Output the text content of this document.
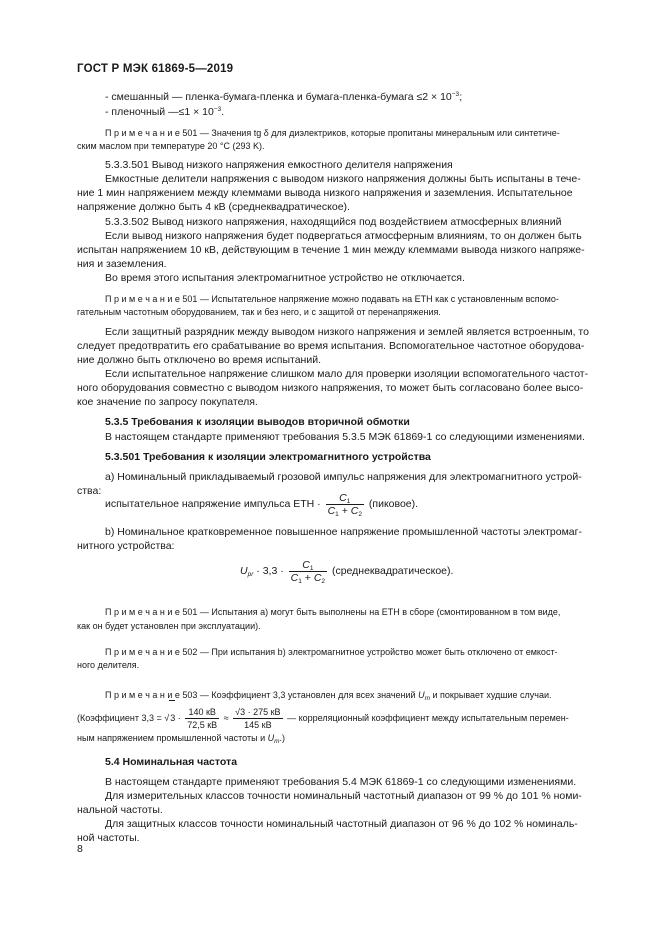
ГОСТ Р МЭК 61869-5—2019
- смешанный — пленка-бумага-пленка и бумага-пленка-бумага $\le 2 \times 10^{-3}$;
- пленочный —≤1 × $10^{-3}$.
П р и м е ч а н и е 501 — Значения tg δ для диэлектриков, которые пропитаны минеральным или синтетиче-
ским маслом при температуре 20 °С (293 K).
5.3.3.501 Вывод низкого напряжения емкостного делителя напряжения
Емкостные делители напряжения с выводом низкого напряжения должны быть испытаны в тече-
ние 1 мин напряжением между клеммами вывода низкого напряжения и заземления. Испытательное
напряжение должно быть 4 кВ (среднеквадратическое).
5.3.3.502 Вывод низкого напряжения, находящийся под воздействием атмосферных влияний
Если вывод низкого напряжения будет подвергаться атмосферным влияниям, то он должен быть
испытан напряжением 10 кВ, действующим в течение 1 мин между клеммами вывода низкого напряже-
ния и заземления.
Во время этого испытания электромагнитное устройство не отключается.
П р и м е ч а н и е 501 — Испытательное напряжение можно подавать на ЕТН как с установленным вспомо-
гательным частотным оборудованием, так и без него, и с защитой от перенапряжения.
Если защитный разрядник между выводом низкого напряжения и землей является встроенным, то
следует предотвратить его срабатывание во время испытания. Вспомогательное частотное оборудова-
ние должно быть отключено во время испытаний.
Если испытательное напряжение слишком мало для проверки изоляции вспомогательного частот-
ного оборудования совместно с выводом низкого напряжения, то может быть согласовано более высо-
кое значение по запросу покупателя.
5.3.5 Требования к изоляции выводов вторичной обмотки
В настоящем стандарте применяют требования 5.3.5 МЭК 61869-1 со следующими изменениями.
5.3.501 Требования к изоляции электромагнитного устройства
а) Номинальный прикладываемый грозовой импульс напряжения для электромагнитного устрой-
ства:
испытательное напряжение импульса ЕТН · $\frac{C_1}{C_1 + C_2}$ (пиковое).
b) Номинальное кратковременное повышенное напряжение промышленной частоты электромаг-
нитного устройства:
$U_{pr} \cdot 3,3 \cdot \frac{C_1}{C_1 + C_2}$ (среднеквадратическое).
П р и м е ч а н и е 501 — Испытания а) могут быть выполнены на ЕТН в сборе (смонтированном в том виде,
как он будет установлен при эксплуатации).
П р и м е ч а н и е 502 — При испытания b) электромагнитное устройство может быть отключено от емкост-
ного делителя.
П р и м е ч а н и е 503 — Коэффициент 3,3 установлен для всех значений $U_m$ и покрывает худшие случаи.
(Коэффициент $3,3 = √3 \cdot \frac{140 кВ}{72,5 кВ} \approx \frac{√3 \cdot 275 кВ}{145 кВ}$ — корреляционный коэффициент между испытательным перемен-
ным напряжением промышленной частоты и $U_m$.)
5.4 Номинальная частота
В настоящем стандарте применяют требования 5.4 МЭК 61869-1 со следующими изменениями.
Для измерительных классов точности номинальный частотный диапазон от 99 % до 101 % номи-
нальной частоты.
Для защитных классов точности номинальный частотный диапазон от 96 % до 102 % номиналь-
ной частоты.
8
